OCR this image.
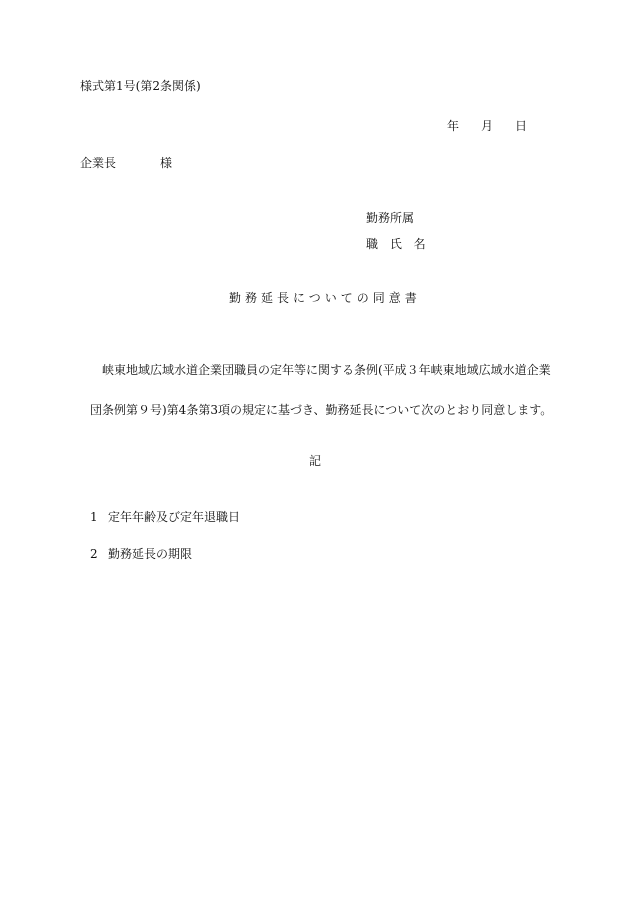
様式第1号(第2条関係)
年 月 日
企業長	様
勤務所属
職 氏 名
勤務延長についての同意書
峡東地域広域水道企業団職員の定年等に関する条例(平成３年峡東地域広域水道企業
団条例第９号)第4条第3項の規定に基づき、勤務延長について次のとおり同意します。
記
1 定年年齢及び定年退職日
2 勤務延長の期限
